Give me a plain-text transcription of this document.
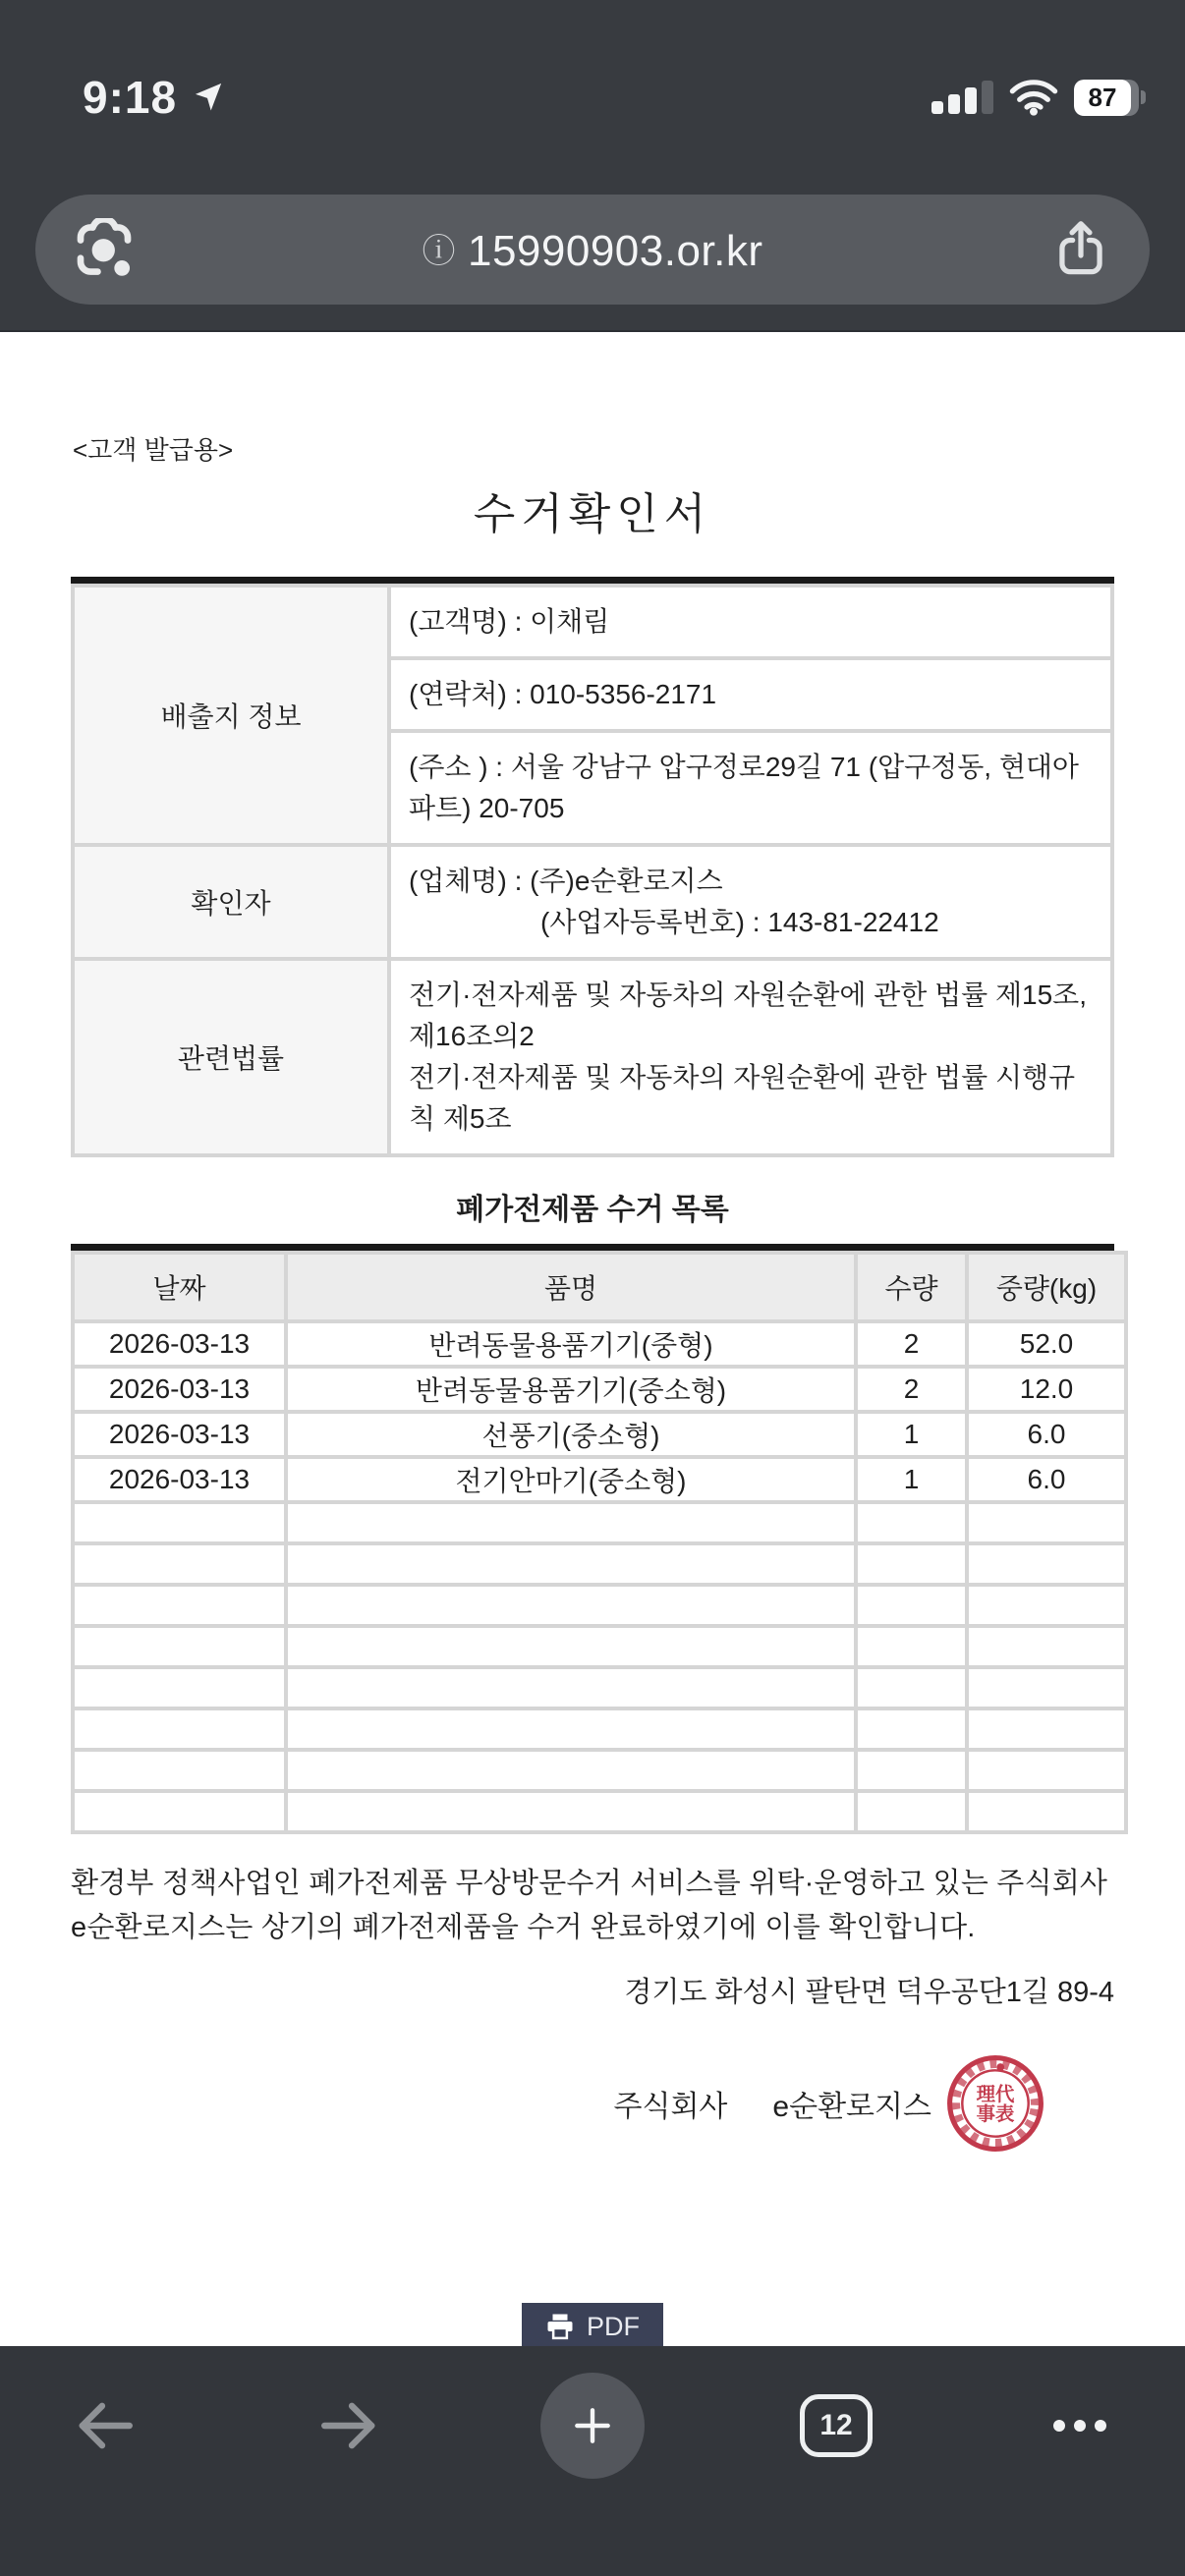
9:18	87
ⓘ 15990903.or.kr

<고객 발급용>

수거확인서
배출지 정보	(고객명) : 이채림
	(연락처) : 010-5356-2171
	(주소 ) : 서울 강남구 압구정로29길 71 (압구정동, 현대아파트) 20-705
확인자	(업체명) : (주)e순환로지스
(사업자등록번호) : 143-81-22412

관련법률	전기·전자제품 및 자동차의 자원순환에 관한 법률 제15조, 제16조의2
전기·전자제품 및 자동차의 자원순환에 관한 법률 시행규칙 제5조
폐가전제품 수거 목록
날짜	품명	수량	중량(kg)
2026-03-13	반려동물용품기기(중형)	2	52.0
2026-03-13	반려동물용품기기(중소형)	2	12.0
2026-03-13	선풍기(중소형)	1	6.0
2026-03-13	전기안마기(중소형)	1	6.0

환경부 정책사업인 폐가전제품 무상방문수거 서비스를 위탁·운영하고 있는 주식회사 e순환로지스는 상기의 폐가전제품을 수거 완료하였기에 이를 확인합니다.

경기도 화성시 팔탄면 덕우공단1길 89-4

주식회사 e순환로지스 理代
事表
PDF
12
